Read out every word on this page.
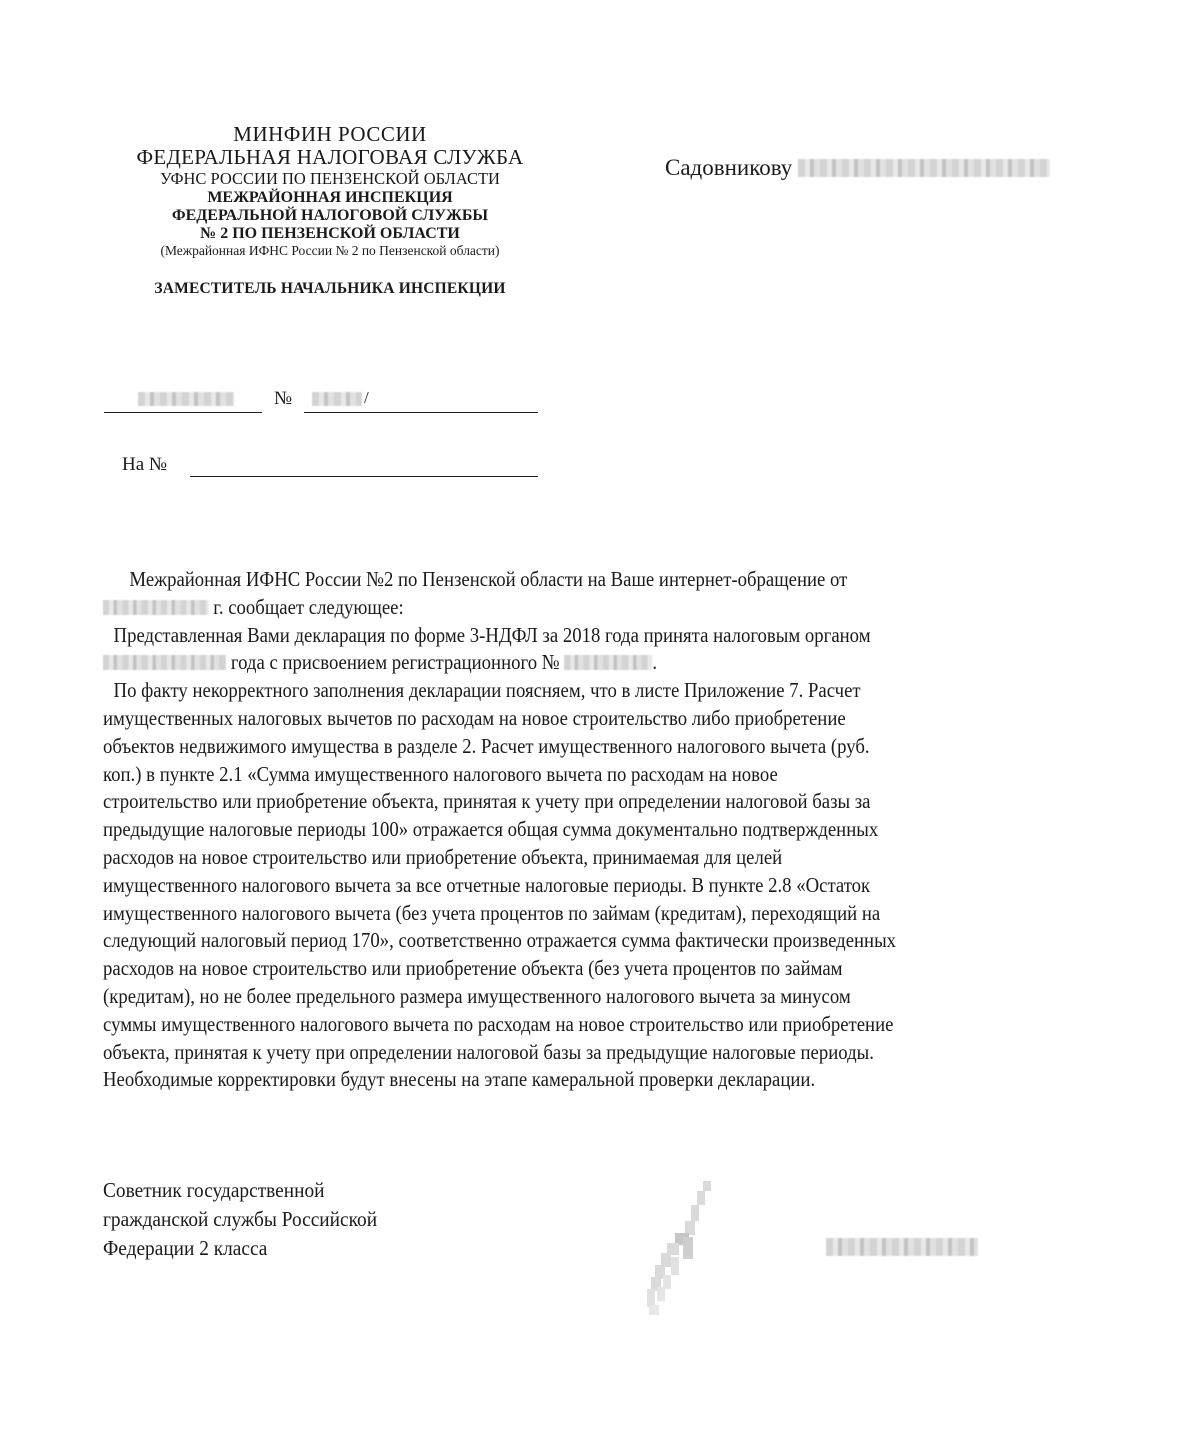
МИНФИН РОССИИ
ФЕДЕРАЛЬНАЯ НАЛОГОВАЯ СЛУЖБА
УФНС РОССИИ ПО ПЕНЗЕНСКОЙ ОБЛАСТИ
МЕЖРАЙОННАЯ ИНСПЕКЦИЯ
ФЕДЕРАЛЬНОЙ НАЛОГОВОЙ СЛУЖБЫ
№ 2 ПО ПЕНЗЕНСКОЙ ОБЛАСТИ
(Межрайонная ИФНС России № 2 по Пензенской области)
ЗАМЕСТИТЕЛЬ НАЧАЛЬНИКА ИНСПЕКЦИИ
Садовникову
№	/
На №
Межрайонная ИФНС России №2 по Пензенской области на Ваше интернет-обращение от
г. сообщает следующее:
Представленная Вами декларация по форме 3-НДФЛ за 2018 года принята налоговым органом
года с присвоением регистрационного №	.
По факту некорректного заполнения декларации поясняем, что в листе Приложение 7. Расчет
имущественных налоговых вычетов по расходам на новое строительство либо приобретение
объектов недвижимого имущества в разделе 2. Расчет имущественного налогового вычета (руб.
коп.) в пункте 2.1 «Сумма имущественного налогового вычета по расходам на новое
строительство или приобретение объекта, принятая к учету при определении налоговой базы за
предыдущие налоговые периоды 100» отражается общая сумма документально подтвержденных
расходов на новое строительство или приобретение объекта, принимаемая для целей
имущественного налогового вычета за все отчетные налоговые периоды. В пункте 2.8 «Остаток
имущественного налогового вычета (без учета процентов по займам (кредитам), переходящий на
следующий налоговый период 170», соответственно отражается сумма фактически произведенных
расходов на новое строительство или приобретение объекта (без учета процентов по займам
(кредитам), но не более предельного размера имущественного налогового вычета за минусом
суммы имущественного налогового вычета по расходам на новое строительство или приобретение
объекта, принятая к учету при определении налоговой базы за предыдущие налоговые периоды.
Необходимые корректировки будут внесены на этапе камеральной проверки декларации.
Советник государственной
гражданской службы Российской
Федерации 2 класса
